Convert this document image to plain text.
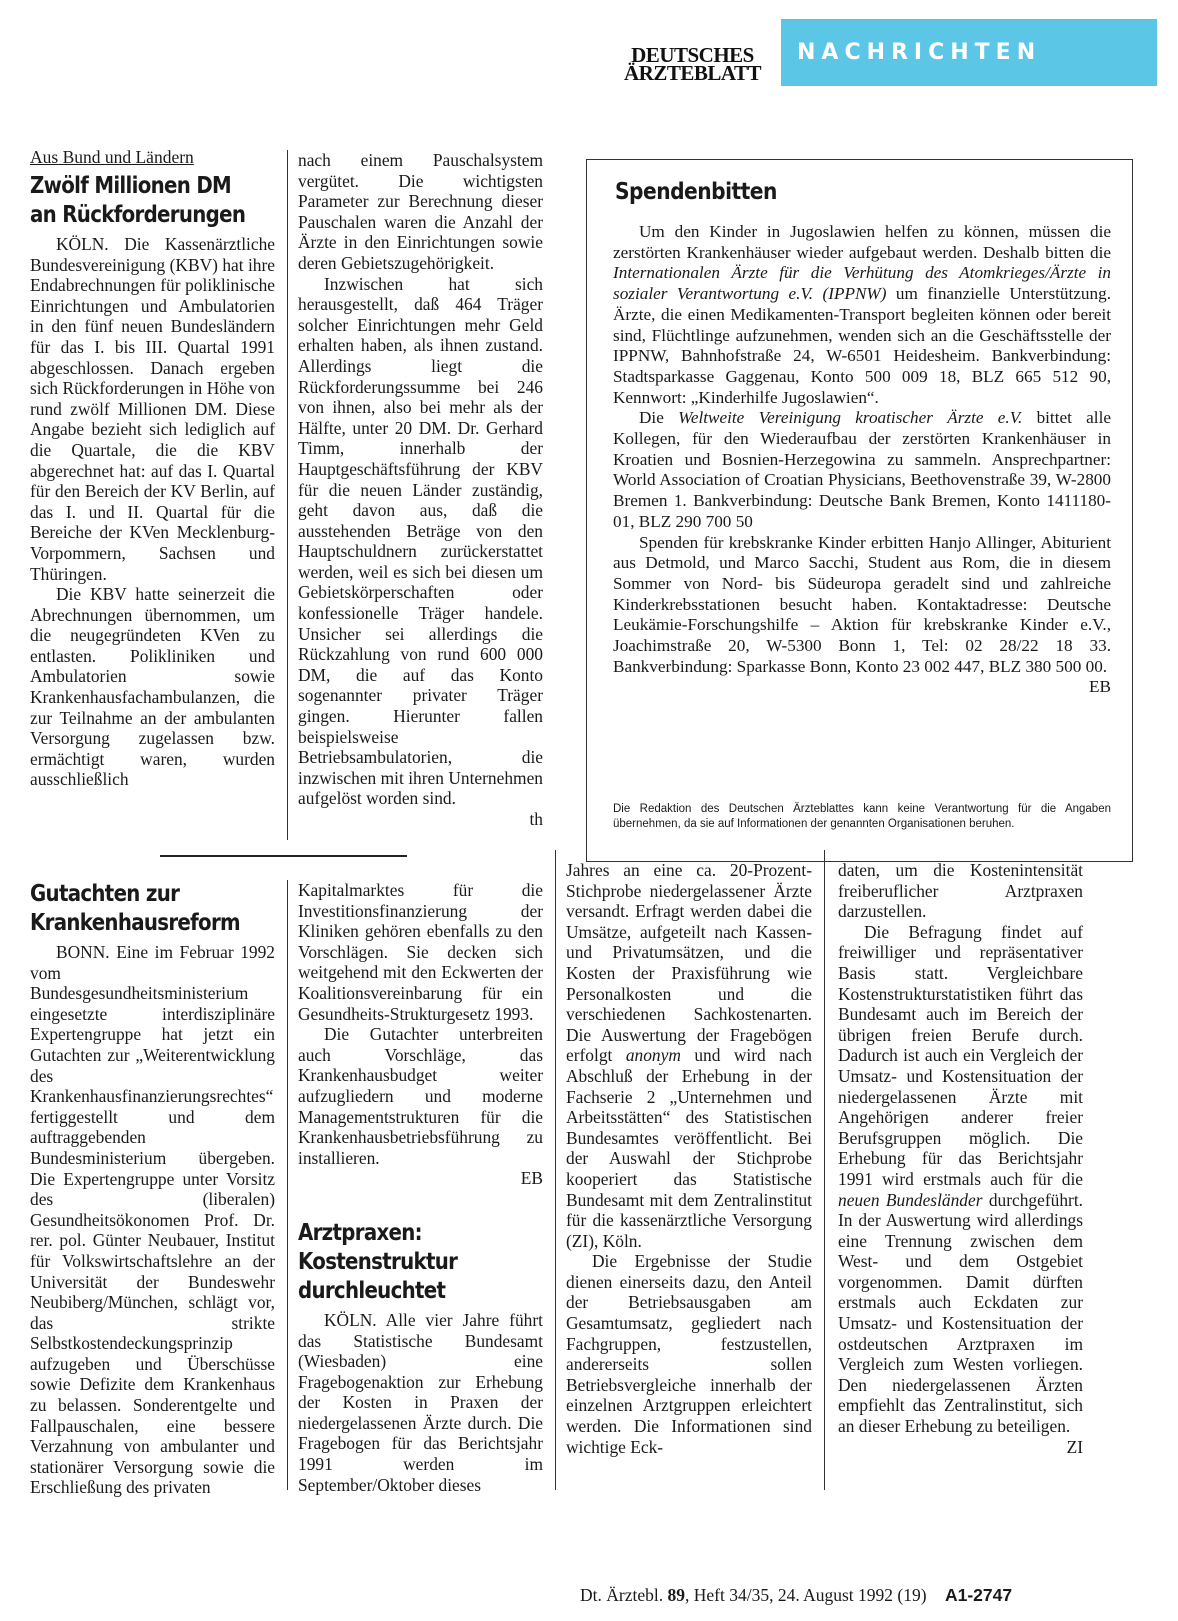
DEUTSCHES
ÄRZTEBLATT
NACHRICHTEN
Aus Bund und Ländern
Zwölf Millionen DM
an Rückforderungen

KÖLN. Die Kassenärztliche Bundesvereinigung (KBV) hat ihre Endabrechnungen für poliklinische Einrichtungen und Ambulatorien in den fünf neuen Bundesländern für das I. bis III. Quartal 1991 abgeschlossen. Danach ergeben sich Rückforderungen in Höhe von rund zwölf Millionen DM. Diese Angabe bezieht sich lediglich auf die Quartale, die die KBV abgerechnet hat: auf das I. Quartal für den Bereich der KV Berlin, auf das I. und II. Quartal für die Bereiche der KVen Mecklenburg-Vorpommern, Sachsen und Thüringen.

Die KBV hatte seinerzeit die Abrechnungen übernommen, um die neugegründeten KVen zu entlasten. Polikliniken und Ambulatorien sowie Krankenhausfachambulanzen, die zur Teilnahme an der ambulanten Versorgung zugelassen bzw. ermächtigt waren, wurden ausschließlich

nach einem Pauschalsystem vergütet. Die wichtigsten Parameter zur Berechnung dieser Pauschalen waren die Anzahl der Ärzte in den Einrichtungen sowie deren Gebietszugehörigkeit.

Inzwischen hat sich herausgestellt, daß 464 Träger solcher Einrichtungen mehr Geld erhalten haben, als ihnen zustand. Allerdings liegt die Rückforderungssumme bei 246 von ihnen, also bei mehr als der Hälfte, unter 20 DM. Dr. Gerhard Timm, innerhalb der Hauptgeschäftsführung der KBV für die neuen Länder zuständig, geht davon aus, daß die ausstehenden Beträge von den Hauptschuldnern zurückerstattet werden, weil es sich bei diesen um Gebietskörperschaften oder konfessionelle Träger handele. Unsicher sei allerdings die Rückzahlung von rund 600 000 DM, die auf das Konto sogenannter privater Träger gingen. Hierunter fallen beispielsweise Betriebsambulatorien, die inzwischen mit ihren Unternehmen aufgelöst worden sind.

th
Spendenbitten

Um den Kinder in Jugoslawien helfen zu können, müssen die zerstörten Krankenhäuser wieder aufgebaut werden. Deshalb bitten die Internationalen Ärzte für die Verhütung des Atomkrieges/Ärzte in sozialer Verantwortung e.V. (IPPNW) um finanzielle Unterstützung. Ärzte, die einen Medikamenten-Transport begleiten können oder bereit sind, Flüchtlinge aufzunehmen, wenden sich an die Geschäftsstelle der IPPNW, Bahnhofstraße 24, W-6501 Heidesheim. Bankverbindung: Stadtsparkasse Gaggenau, Konto 500 009 18, BLZ 665 512 90, Kennwort: „Kinderhilfe Jugoslawien“.

Die Weltweite Vereinigung kroatischer Ärzte e.V. bittet alle Kollegen, für den Wiederaufbau der zerstörten Krankenhäuser in Kroatien und Bosnien-Herzegowina zu sammeln. Ansprechpartner: World Association of Croatian Physicians, Beethovenstraße 39, W-2800 Bremen 1. Bankverbindung: Deutsche Bank Bremen, Konto 1411180-01, BLZ 290 700 50

Spenden für krebskranke Kinder erbitten Hanjo Allinger, Abiturient aus Detmold, und Marco Sacchi, Student aus Rom, die in diesem Sommer von Nord- bis Südeuropa geradelt sind und zahlreiche Kinderkrebsstationen besucht haben. Kontaktadresse: Deutsche Leukämie-Forschungshilfe – Aktion für krebskranke Kinder e.V., Joachimstraße 20, W-5300 Bonn 1, Tel: 02 28/22 18 33. Bankverbindung: Sparkasse Bonn, Konto 23 002 447, BLZ 380 500 00.

EB
Die Redaktion des Deutschen Ärzteblattes kann keine Verantwortung für die Angaben übernehmen, da sie auf Informationen der genannten Organisationen beruhen.
Gutachten zur
Krankenhausreform

BONN. Eine im Februar 1992 vom Bundesgesundheitsministerium eingesetzte interdisziplinäre Expertengruppe hat jetzt ein Gutachten zur „Weiterentwicklung des Krankenhausfinanzierungsrechtes“ fertiggestellt und dem auftraggebenden Bundesministerium übergeben. Die Expertengruppe unter Vorsitz des (liberalen) Gesundheitsökonomen Prof. Dr. rer. pol. Günter Neubauer, Institut für Volkswirtschaftslehre an der Universität der Bundeswehr Neubiberg/München, schlägt vor, das strikte Selbstkostendeckungsprinzip aufzugeben und Überschüsse sowie Defizite dem Krankenhaus zu belassen. Sonderentgelte und Fallpauschalen, eine bessere Verzahnung von ambulanter und stationärer Versorgung sowie die Erschließung des privaten

Kapitalmarktes für die Investitionsfinanzierung der Kliniken gehören ebenfalls zu den Vorschlägen. Sie decken sich weitgehend mit den Eckwerten der Koalitionsvereinbarung für ein Gesundheits-Strukturgesetz 1993.

Die Gutachter unterbreiten auch Vorschläge, das Krankenhausbudget weiter aufzugliedern und moderne Managementstrukturen für die Krankenhausbetriebsführung zu installieren.

EB
Arztpraxen:
Kostenstruktur
durchleuchtet

KÖLN. Alle vier Jahre führt das Statistische Bundesamt (Wiesbaden) eine Fragebogenaktion zur Erhebung der Kosten in Praxen der niedergelassenen Ärzte durch. Die Fragebogen für das Berichtsjahr 1991 werden im September/Oktober dieses

Jahres an eine ca. 20-Prozent-Stichprobe niedergelassener Ärzte versandt. Erfragt werden dabei die Umsätze, aufgeteilt nach Kassen- und Privatumsätzen, und die Kosten der Praxisführung wie Personalkosten und die verschiedenen Sachkostenarten. Die Auswertung der Fragebögen erfolgt anonym und wird nach Abschluß der Erhebung in der Fachserie 2 „Unternehmen und Arbeitsstätten“ des Statistischen Bundesamtes veröffentlicht. Bei der Auswahl der Stichprobe kooperiert das Statistische Bundesamt mit dem Zentralinstitut für die kassenärztliche Versorgung (ZI), Köln.

Die Ergebnisse der Studie dienen einerseits dazu, den Anteil der Betriebsausgaben am Gesamtumsatz, gegliedert nach Fachgruppen, festzustellen, andererseits sollen Betriebsvergleiche innerhalb der einzelnen Arztgruppen erleichtert werden. Die Informationen sind wichtige Eck-

daten, um die Kostenintensität freiberuflicher Arztpraxen darzustellen.

Die Befragung findet auf freiwilliger und repräsentativer Basis statt. Vergleichbare Kostenstrukturstatistiken führt das Bundesamt auch im Bereich der übrigen freien Berufe durch. Dadurch ist auch ein Vergleich der Umsatz- und Kostensituation der niedergelassenen Ärzte mit Angehörigen anderer freier Berufsgruppen möglich. Die Erhebung für das Berichtsjahr 1991 wird erstmals auch für die neuen Bundesländer durchgeführt. In der Auswertung wird allerdings eine Trennung zwischen dem West- und dem Ostgebiet vorgenommen. Damit dürften erstmals auch Eckdaten zur Umsatz- und Kostensituation der ostdeutschen Arztpraxen im Vergleich zum Westen vorliegen. Den niedergelassenen Ärzten empfiehlt das Zentralinstitut, sich an dieser Erhebung zu beteiligen.

ZI
Dt. Ärztebl. 89, Heft 34/35, 24. August 1992 (19) A1-2747
